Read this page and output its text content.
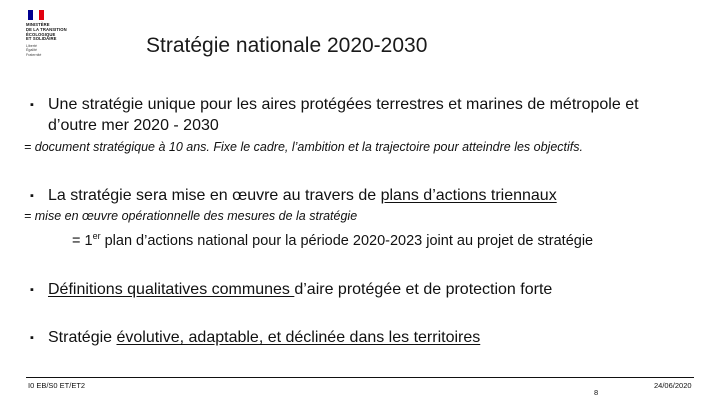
MINISTÈRE
DE LA TRANSITION
ÉCOLOGIQUE
ET SOLIDAIRE
Liberté
Égalité
Fraternité	Stratégie nationale 2020-2030
▪ Une stratégie unique pour les aires protégées terrestres et marines de métropole et
d’outre mer 2020 - 2030
= document stratégique à 10 ans. Fixe le cadre, l’ambition et la trajectoire pour atteindre les objectifs.
▪ La stratégie sera mise en œuvre au travers de plans d’actions triennaux
= mise en œuvre opérationnelle des mesures de la stratégie
= 1er plan d’actions national pour la période 2020-2023 joint au projet de stratégie
▪ Définitions qualitatives communes d’aire protégée et de protection forte
▪ Stratégie évolutive, adaptable, et déclinée dans les territoires
I0 EB/S0 ET/ET2
8
24/06/2020
